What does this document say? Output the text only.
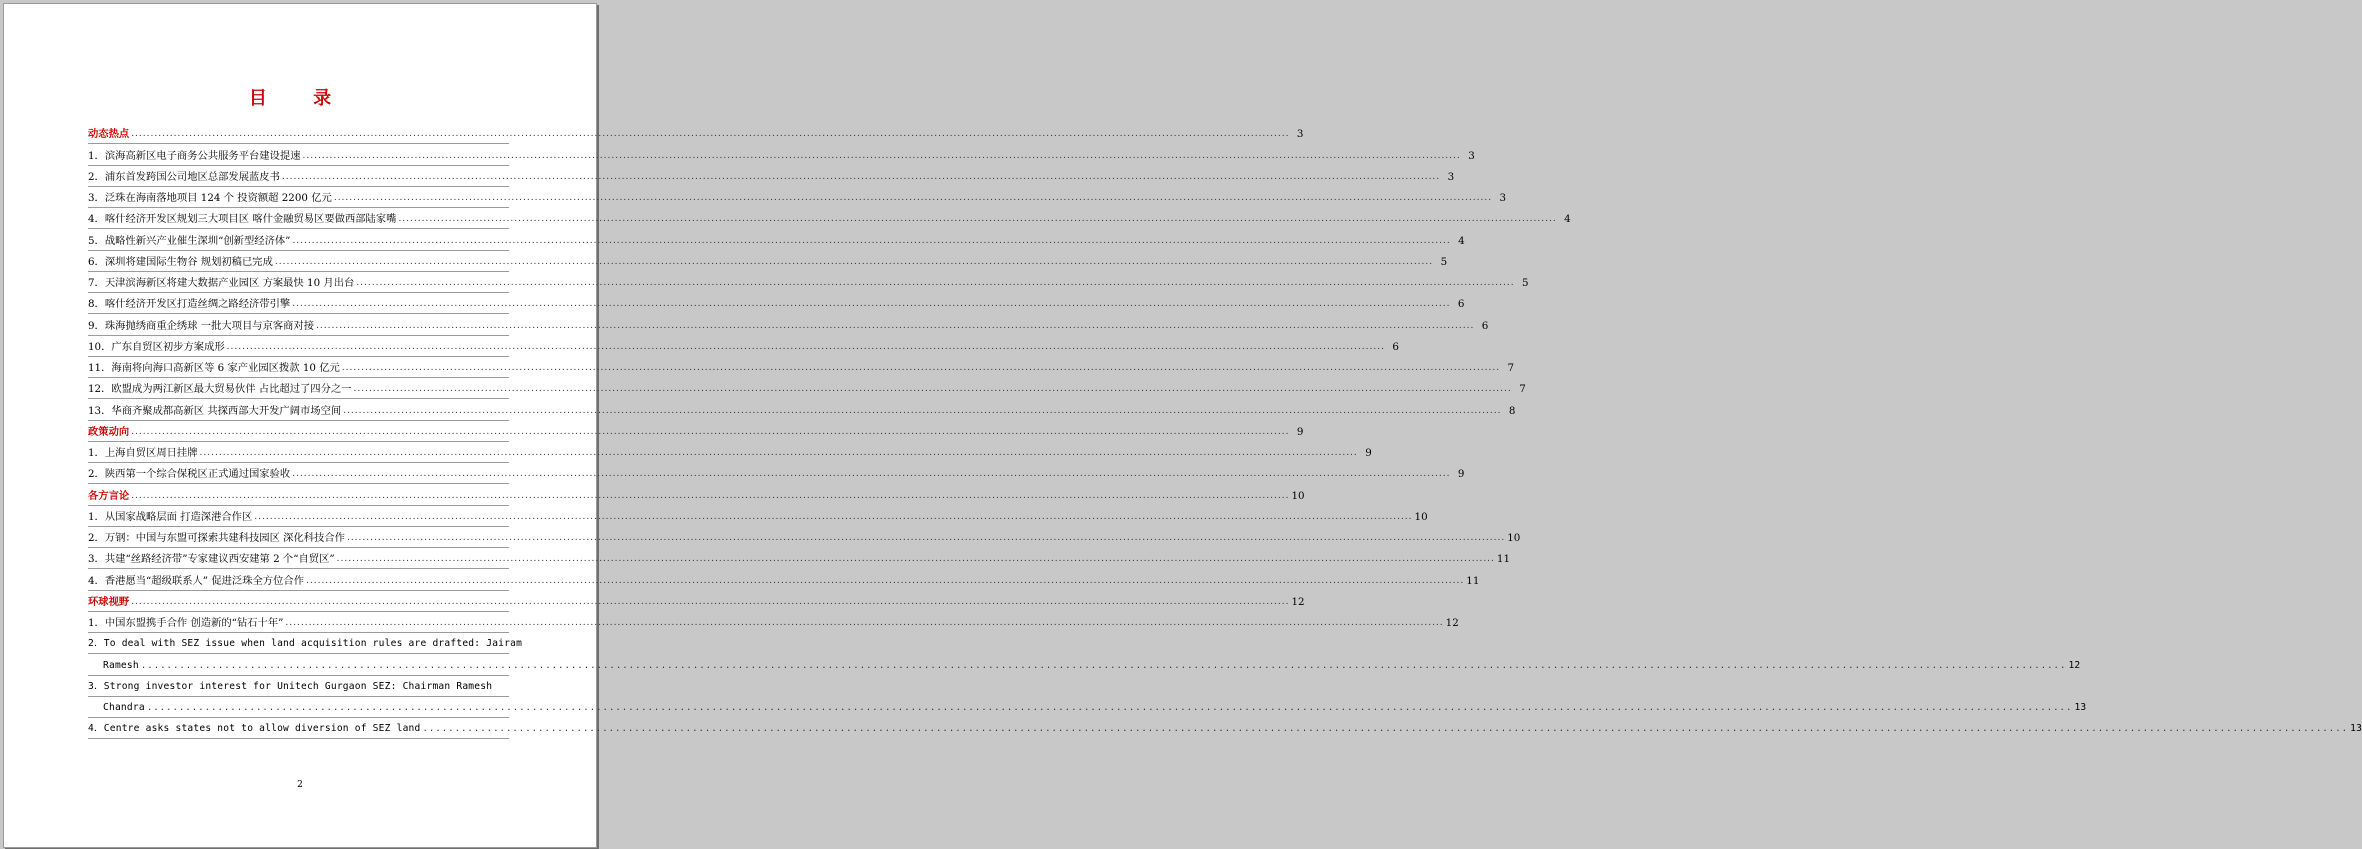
目 录
动态热点 ............................................................................................................................................................................................................................................................................................................ 3
1．滨海高新区电子商务公共服务平台建设提速 ............................................................................................................................................................................................................................................................................................................ 3
2．浦东首发跨国公司地区总部发展蓝皮书 ............................................................................................................................................................................................................................................................................................................ 3
3．泛珠在海南落地项目 124 个 投资额超 2200 亿元 ............................................................................................................................................................................................................................................................................................................ 3
4．喀什经济开发区规划三大项目区 喀什金融贸易区要做西部陆家嘴 ............................................................................................................................................................................................................................................................................................................ 4
5．战略性新兴产业催生深圳“创新型经济体” ............................................................................................................................................................................................................................................................................................................ 4
6．深圳将建国际生物谷 规划初稿已完成 ............................................................................................................................................................................................................................................................................................................ 5
7．天津滨海新区将建大数据产业园区 方案最快 10 月出台 ............................................................................................................................................................................................................................................................................................................ 5
8．喀什经济开发区打造丝绸之路经济带引擎 ............................................................................................................................................................................................................................................................................................................ 6
9．珠海抛绣商重企绣球 一批大项目与京客商对接 ............................................................................................................................................................................................................................................................................................................ 6
10．广东自贸区初步方案成形 ............................................................................................................................................................................................................................................................................................................ 6
11．海南将向海口高新区等 6 家产业园区拨款 10 亿元 ............................................................................................................................................................................................................................................................................................................ 7
12．欧盟成为两江新区最大贸易伙伴 占比超过了四分之一 ............................................................................................................................................................................................................................................................................................................ 7
13．华商齐聚成都高新区 共探西部大开发广阔市场空间 ............................................................................................................................................................................................................................................................................................................ 8
政策动向 ............................................................................................................................................................................................................................................................................................................ 9
1．上海自贸区周日挂牌 ............................................................................................................................................................................................................................................................................................................ 9
2．陕西第一个综合保税区正式通过国家验收 ............................................................................................................................................................................................................................................................................................................ 9
各方言论 ............................................................................................................................................................................................................................................................................................................ 10
1．从国家战略层面 打造深港合作区 ............................................................................................................................................................................................................................................................................................................ 10
2．万钢：中国与东盟可探索共建科技园区 深化科技合作 ............................................................................................................................................................................................................................................................................................................ 10
3．共建“丝路经济带”专家建议西安建第 2 个“自贸区” ............................................................................................................................................................................................................................................................................................................ 11
4．香港愿当“超级联系人” 促进泛珠全方位合作 ............................................................................................................................................................................................................................................................................................................ 11
环球视野 ............................................................................................................................................................................................................................................................................................................ 12
1．中国东盟携手合作 创造新的“钻石十年” ............................................................................................................................................................................................................................................................................................................ 12
2．To deal with SEZ issue when land acquisition rules are drafted: Jairam
Ramesh ............................................................................................................................................................................................................................................................................................................ 12
3．Strong investor interest for Unitech Gurgaon SEZ: Chairman Ramesh
Chandra ............................................................................................................................................................................................................................................................................................................ 13
4．Centre asks states not to allow diversion of SEZ land ............................................................................................................................................................................................................................................................................................................ 13
2
